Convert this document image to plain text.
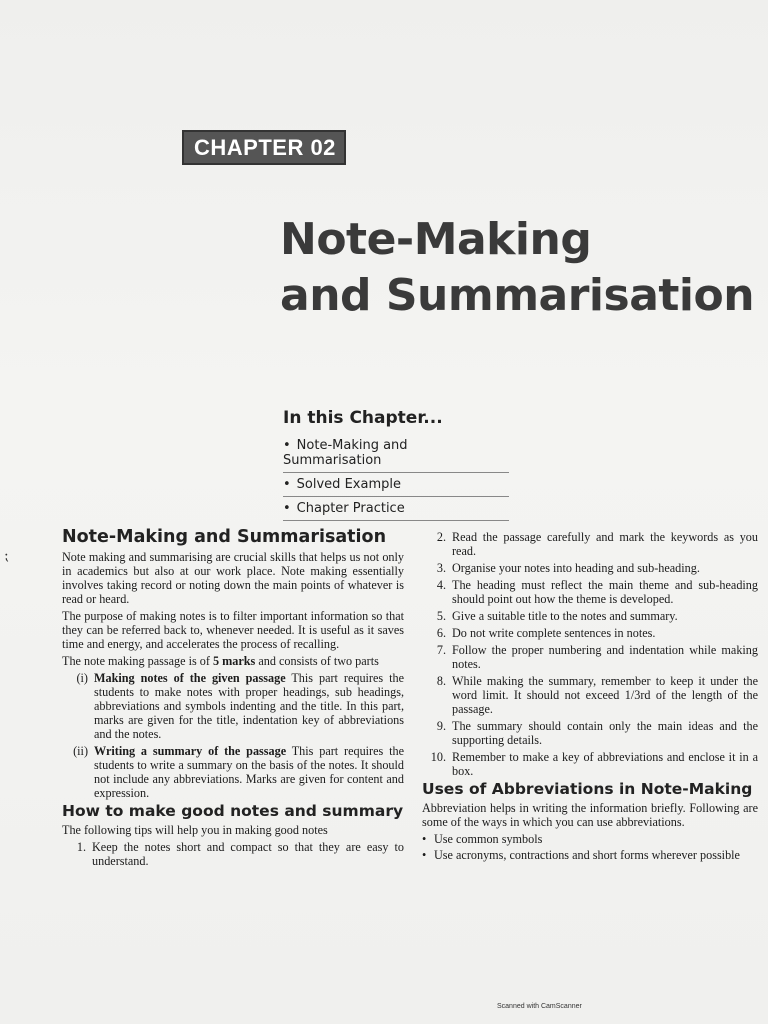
⁏
CHAPTER 02
Note-Making
and Summarisation
In this Chapter...
• Note-Making and Summarisation
• Solved Example
• Chapter Practice
Note-Making and Summarisation

Note making and summarising are crucial skills that helps us not only in academics but also at our work place. Note making essentially involves taking record or noting down the main points of whatever is read or heard.

The purpose of making notes is to filter important information so that they can be referred back to, whenever needed. It is useful as it saves time and energy, and accelerates the process of recalling.

The note making passage is of 5 marks and consists of two parts

(i) Making notes of the given passage This part requires the students to make notes with proper headings, sub headings, abbreviations and symbols indenting and the title. In this part, marks are given for the title, indentation key of abbreviations and the notes.
(ii) Writing a summary of the passage This part requires the students to write a summary on the basis of the notes. It should not include any abbreviations. Marks are given for content and expression.
How to make good notes and summary

The following tips will help you in making good notes

1. Keep the notes short and compact so that they are easy to understand.
2. Read the passage carefully and mark the keywords as you read.
3. Organise your notes into heading and sub-heading.
4. The heading must reflect the main theme and sub-heading should point out how the theme is developed.
5. Give a suitable title to the notes and summary.
6. Do not write complete sentences in notes.
7. Follow the proper numbering and indentation while making notes.
8. While making the summary, remember to keep it under the word limit. It should not exceed 1/3rd of the length of the passage.
9. The summary should contain only the main ideas and the supporting details.
10. Remember to make a key of abbreviations and enclose it in a box.
Uses of Abbreviations in Note-Making

Abbreviation helps in writing the information briefly. Following are some of the ways in which you can use abbreviations.

• Use common symbols
• Use acronyms, contractions and short forms wherever possible
Scanned with CamScanner
